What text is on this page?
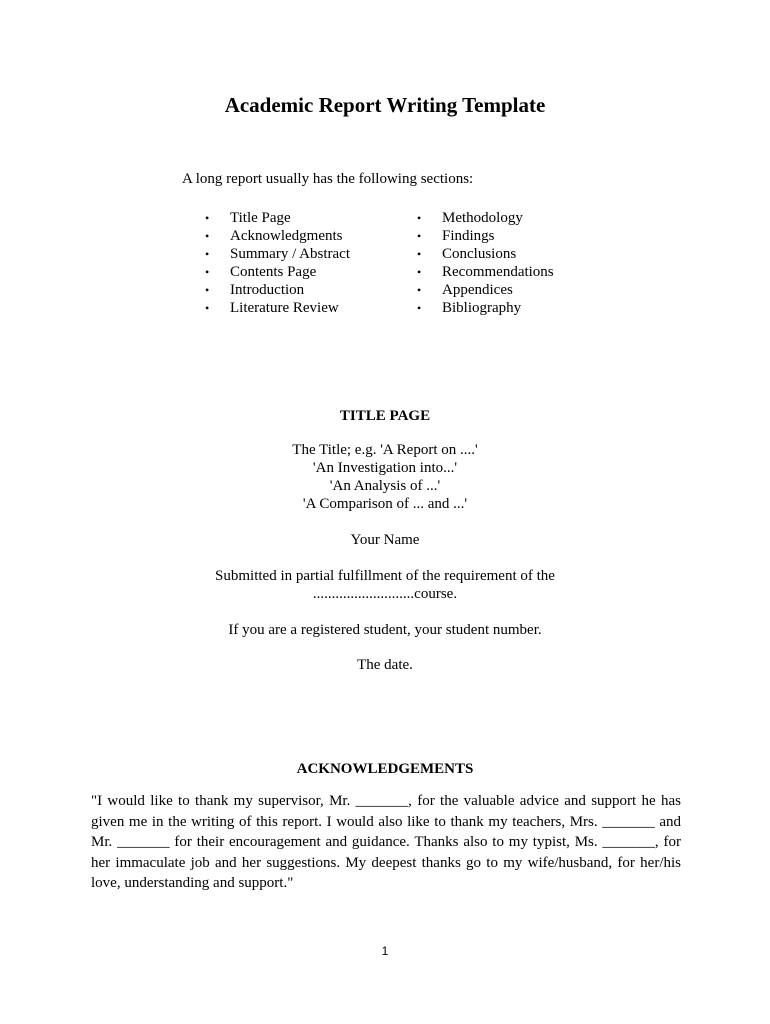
Academic Report Writing Template
A long report usually has the following sections:
• Title Page
• Acknowledgments
• Summary / Abstract
• Contents Page
• Introduction
• Literature Review
• Methodology
• Findings
• Conclusions
• Recommendations
• Appendices
• Bibliography
TITLE PAGE
The Title; e.g. 'A Report on ....'
'An Investigation into...'
'An Analysis of ...'
'A Comparison of ... and ...'
Your Name
Submitted in partial fulfillment of the requirement of the
...........................course.
If you are a registered student, your student number.
The date.
ACKNOWLEDGEMENTS

"I would like to thank my supervisor, Mr. _______, for the valuable advice and support he has given me in the writing of this report. I would also like to thank my teachers, Mrs. _______ and Mr. _______ for their encouragement and guidance. Thanks also to my typist, Ms. _______, for her immaculate job and her suggestions. My deepest thanks go to my wife/husband, for her/his love, understanding and support."

1
